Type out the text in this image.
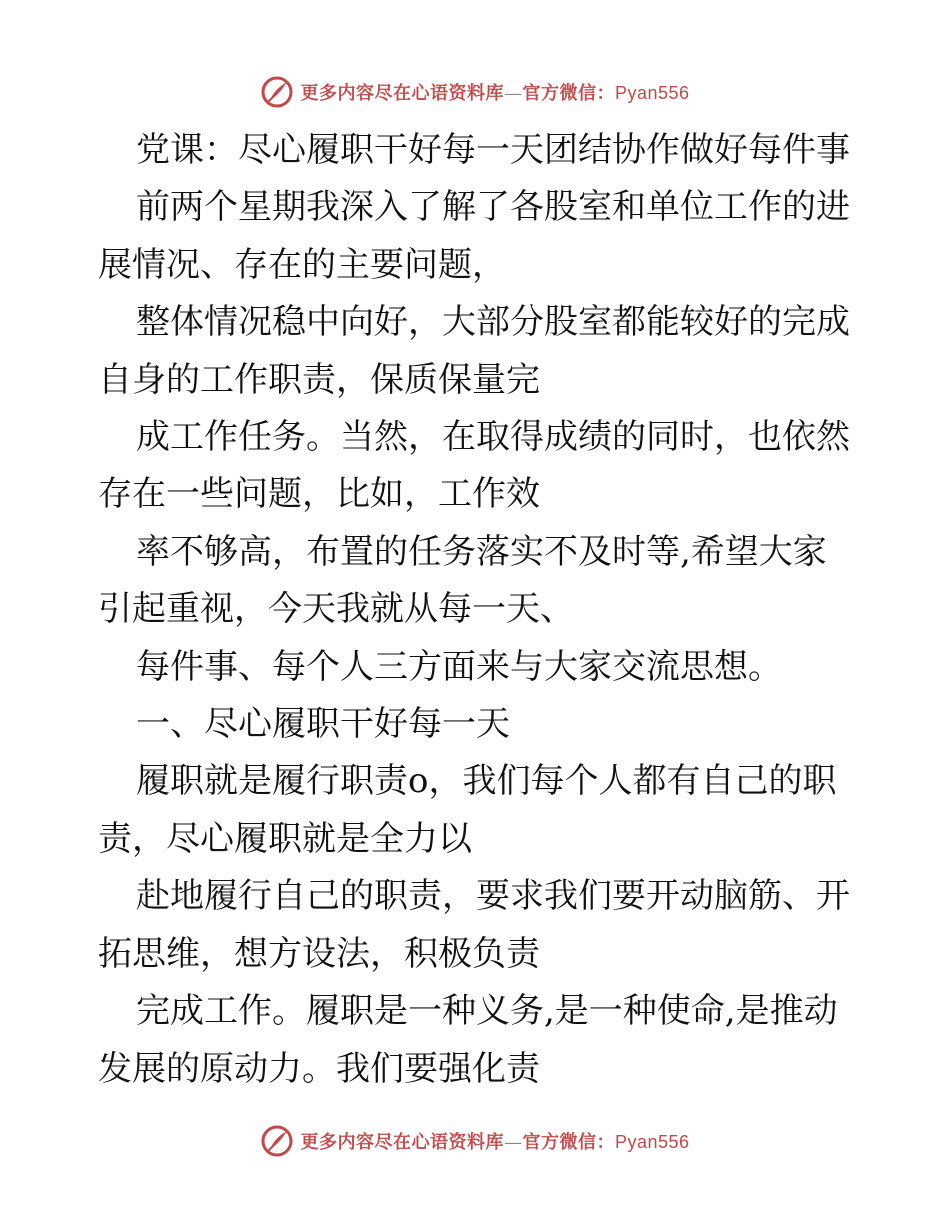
更多内容尽在心语资料库—官方微信：Pyan556

党课：尽心履职干好每一天团结协作做好每件事

前两个星期我深入了解了各股室和单位工作的进

展情况、存在的主要问题，

整体情况稳中向好，大部分股室都能较好的完成

自身的工作职责，保质保量完

成工作任务。当然，在取得成绩的同时，也依然

存在一些问题，比如，工作效

率不够高，布置的任务落实不及时等,希望大家

引起重视，今天我就从每一天、

每件事、每个人三方面来与大家交流思想。

一、尽心履职干好每一天

履职就是履行职责o，我们每个人都有自己的职

责，尽心履职就是全力以

赴地履行自己的职责，要求我们要开动脑筋、开

拓思维，想方设法，积极负责

完成工作。履职是一种义务,是一种使命,是推动

发展的原动力。我们要强化责

更多内容尽在心语资料库—官方微信：Pyan556
